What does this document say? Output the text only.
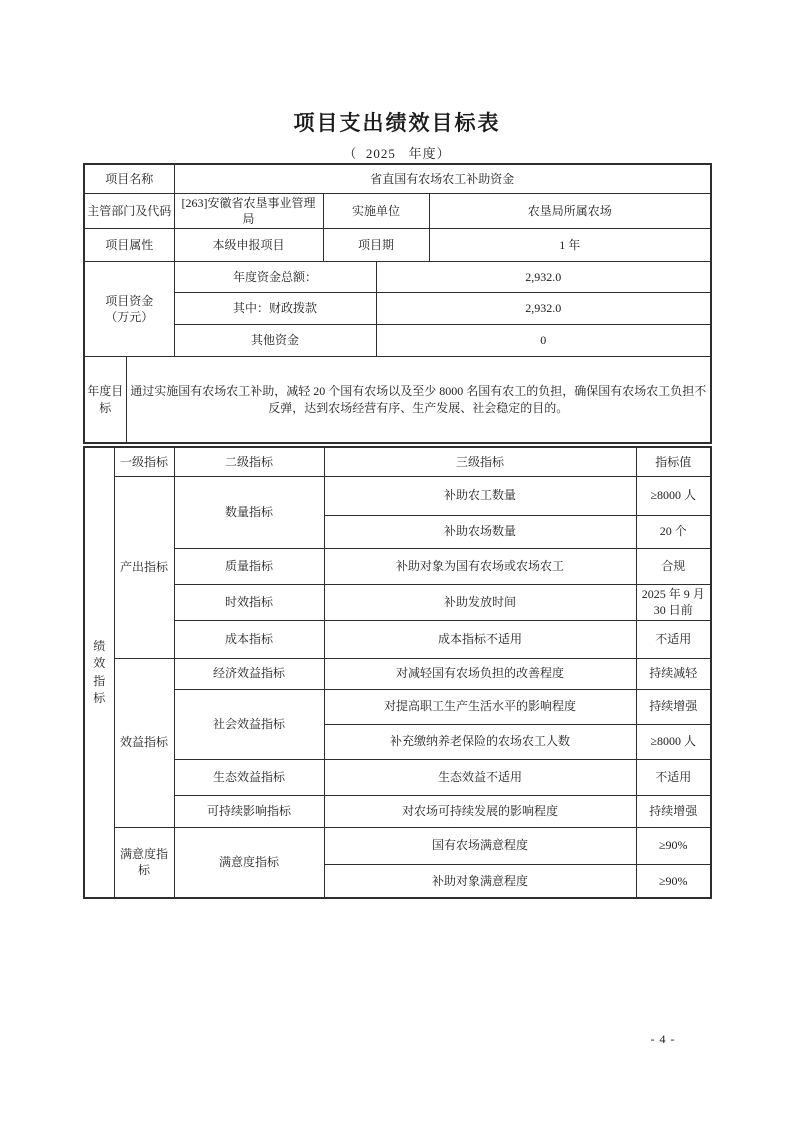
项目支出绩效目标表
（  2025   年度）
项目名称		省直国有农场农工补助资金			
主管部门及代码		[263]安徽省农垦事业管理局	实施单位		农垦局所属农场
项目属性		本级申报项目	项目期		1 年

项目资金
（万元）		年度资金总额：		2,932.0	
		其中：财政拨款		2,932.0	
		其他资金		0	
年度目标	通过实施国有农场农工补助，减轻 20 个国有农场以及至少 8000 名国有农工的负担，确保国有农场农工负担不反弹，达到农场经营有序、生产发展、社会稳定的目的。				
绩效指标	一级指标	二级指标	三级指标	指标值
	产出指标	数量指标	补助农工数量	≥8000 人
			补助农场数量	20 个
		质量指标	补助对象为国有农场或农场农工	合规
		时效指标	补助发放时间	2025 年 9 月 30 日前
		成本指标	成本指标不适用	不适用
	效益指标	经济效益指标	对减轻国有农场负担的改善程度	持续减轻
		社会效益指标	对提高职工生产生活水平的影响程度	持续增强
			补充缴纳养老保险的农场农工人数	≥8000 人
		生态效益指标	生态效益不适用	不适用
		可持续影响指标	对农场可持续发展的影响程度	持续增强
	满意度指标	满意度指标	国有农场满意程度	≥90%
			补助对象满意程度	≥90%
- 4 -
